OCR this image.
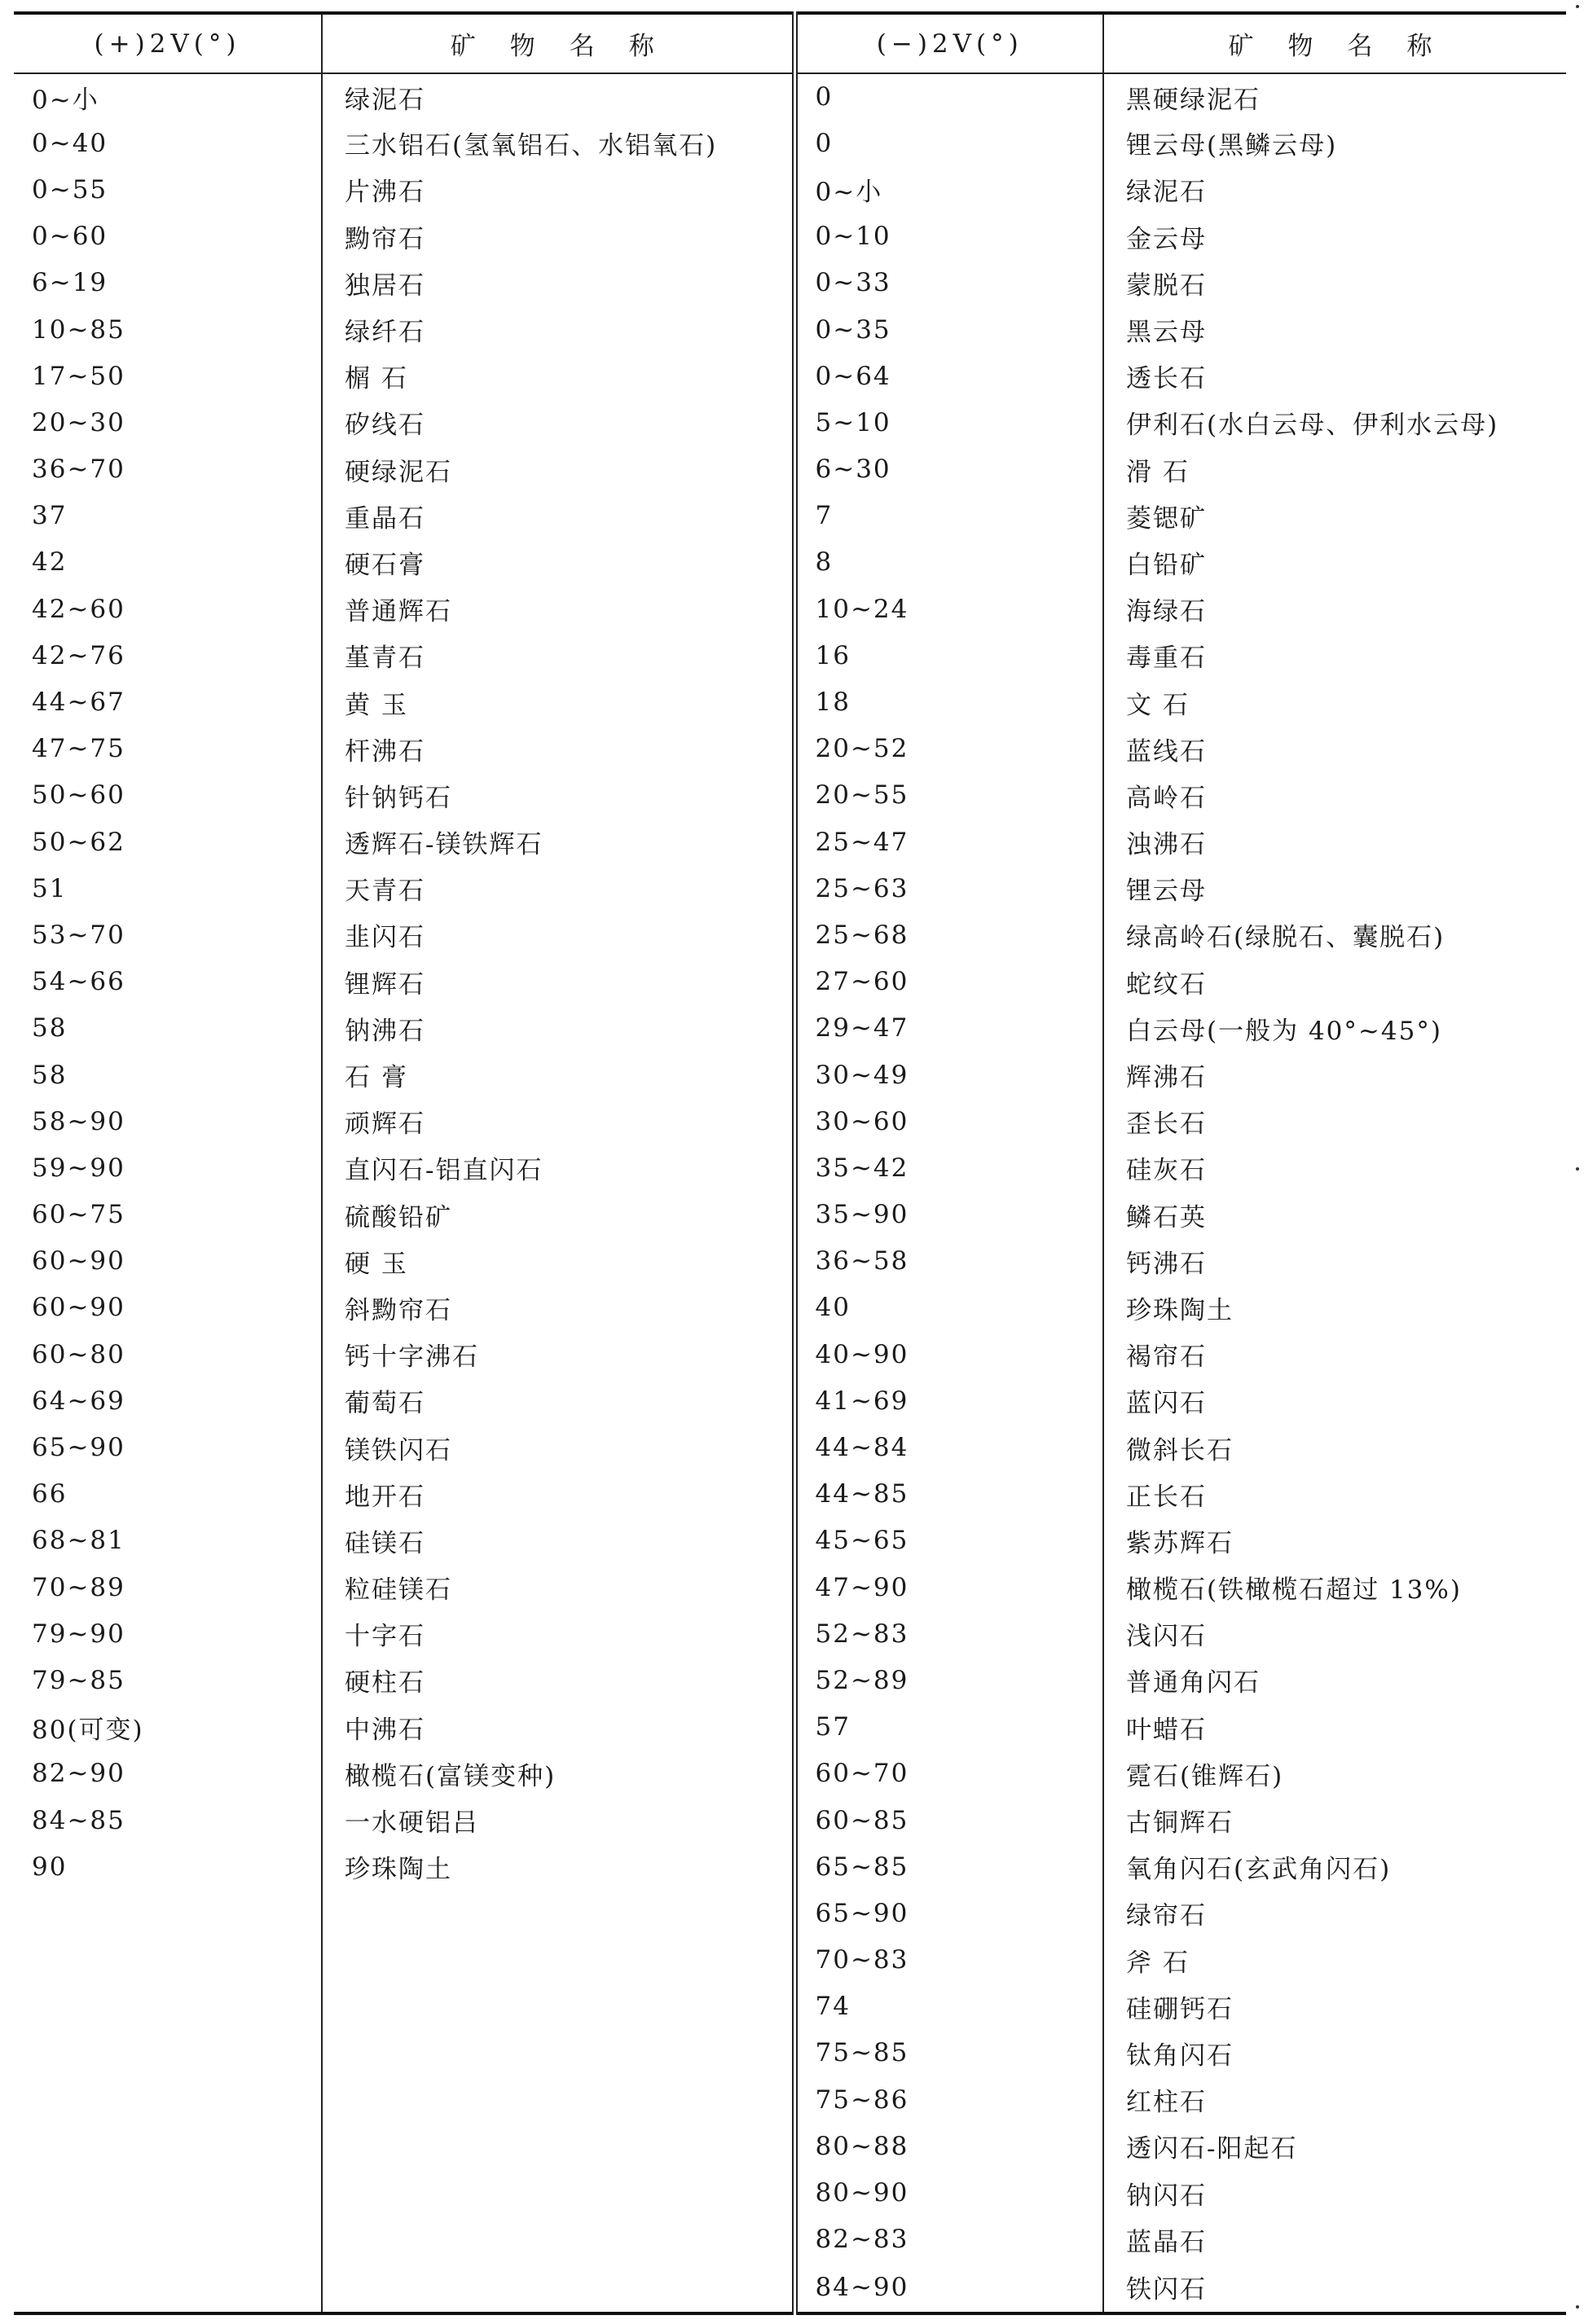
(+)2V(°)	矿物名称	(−)2V(°)	矿物名称
0~小	绿泥石	0	黑硬绿泥石
0~40	三水铝石(氢氧铝石、水铝氧石)	0	锂云母(黑鳞云母)
0~55	片沸石	0~小	绿泥石
0~60	黝帘石	0~10	金云母
6~19	独居石	0~33	蒙脱石
10~85	绿纤石	0~35	黑云母
17~50	榍 石	0~64	透长石
20~30	矽线石	5~10	伊利石(水白云母、伊利水云母)
36~70	硬绿泥石	6~30	滑 石
37	重晶石	7	菱锶矿
42	硬石膏	8	白铅矿
42~60	普通辉石	10~24	海绿石
42~76	堇青石	16	毒重石
44~67	黄 玉	18	文 石
47~75	杆沸石	20~52	蓝线石
50~60	针钠钙石	20~55	高岭石
50~62	透辉石-镁铁辉石	25~47	浊沸石
51	天青石	25~63	锂云母
53~70	韭闪石	25~68	绿高岭石(绿脱石、囊脱石)
54~66	锂辉石	27~60	蛇纹石
58	钠沸石	29~47	白云母(一般为 40°~45°)
58	石 膏	30~49	辉沸石
58~90	顽辉石	30~60	歪长石
59~90	直闪石-铝直闪石	35~42	硅灰石
60~75	硫酸铅矿	35~90	鳞石英
60~90	硬 玉	36~58	钙沸石
60~90	斜黝帘石	40	珍珠陶土
60~80	钙十字沸石	40~90	褐帘石
64~69	葡萄石	41~69	蓝闪石
65~90	镁铁闪石	44~84	微斜长石
66	地开石	44~85	正长石
68~81	硅镁石	45~65	紫苏辉石
70~89	粒硅镁石	47~90	橄榄石(铁橄榄石超过 13%)
79~90	十字石	52~83	浅闪石
79~85	硬柱石	52~89	普通角闪石
80(可变)	中沸石	57	叶蜡石
82~90	橄榄石(富镁变种)	60~70	霓石(锥辉石)
84~85	一水硬铝吕	60~85	古铜辉石
90	珍珠陶土	65~85	氧角闪石(玄武角闪石)
		65~90	绿帘石
		70~83	斧 石
		74	硅硼钙石
		75~85	钛角闪石
		75~86	红柱石
		80~88	透闪石-阳起石
		80~90	钠闪石
		82~83	蓝晶石
		84~90	铁闪石
